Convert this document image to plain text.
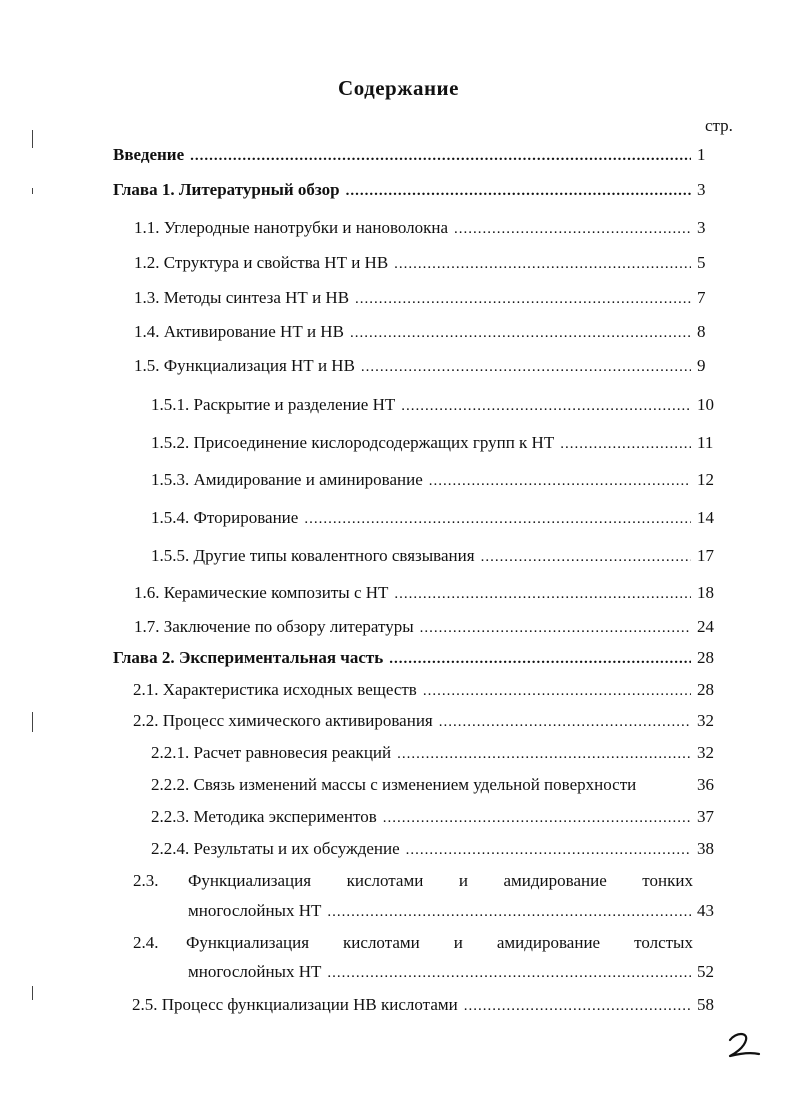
Содержание
стр.
Введение .....	1
Глава 1. Литературный обзор .....	3
1.1. Углеродные нанотрубки и нановолокна .....	3
1.2. Структура и свойства НТ и НВ .....	5
1.3. Методы синтеза НТ и НВ .....	7
1.4. Активирование НТ и НВ .....	8
1.5. Функциализация НТ и НВ .....	9
1.5.1. Раскрытие и разделение НТ .....	10
1.5.2. Присоединение кислородсодержащих групп к НТ .....	11
1.5.3. Амидирование и аминирование .....	12
1.5.4. Фторирование .....	14
1.5.5. Другие типы ковалентного связывания .....	17
1.6. Керамические композиты с НТ .....	18
1.7. Заключение по обзору литературы .....	24
Глава 2. Экспериментальная часть .....	28
2.1. Характеристика исходных веществ .....	28
2.2. Процесс химического активирования .....	32
2.2.1. Расчет равновесия реакций .....	32
2.2.2. Связь изменений массы с изменением удельной поверхности	36
2.2.3. Методика экспериментов .....	37
2.2.4. Результаты и их обсуждение .....	38
2.3. Функциализация кислотами и амидирование тонких
многослойных НТ .....	43
2.4. Функциализация кислотами и амидирование толстых
многослойных НТ .....	52
2.5. Процесс функциализации НВ кислотами .....	58
